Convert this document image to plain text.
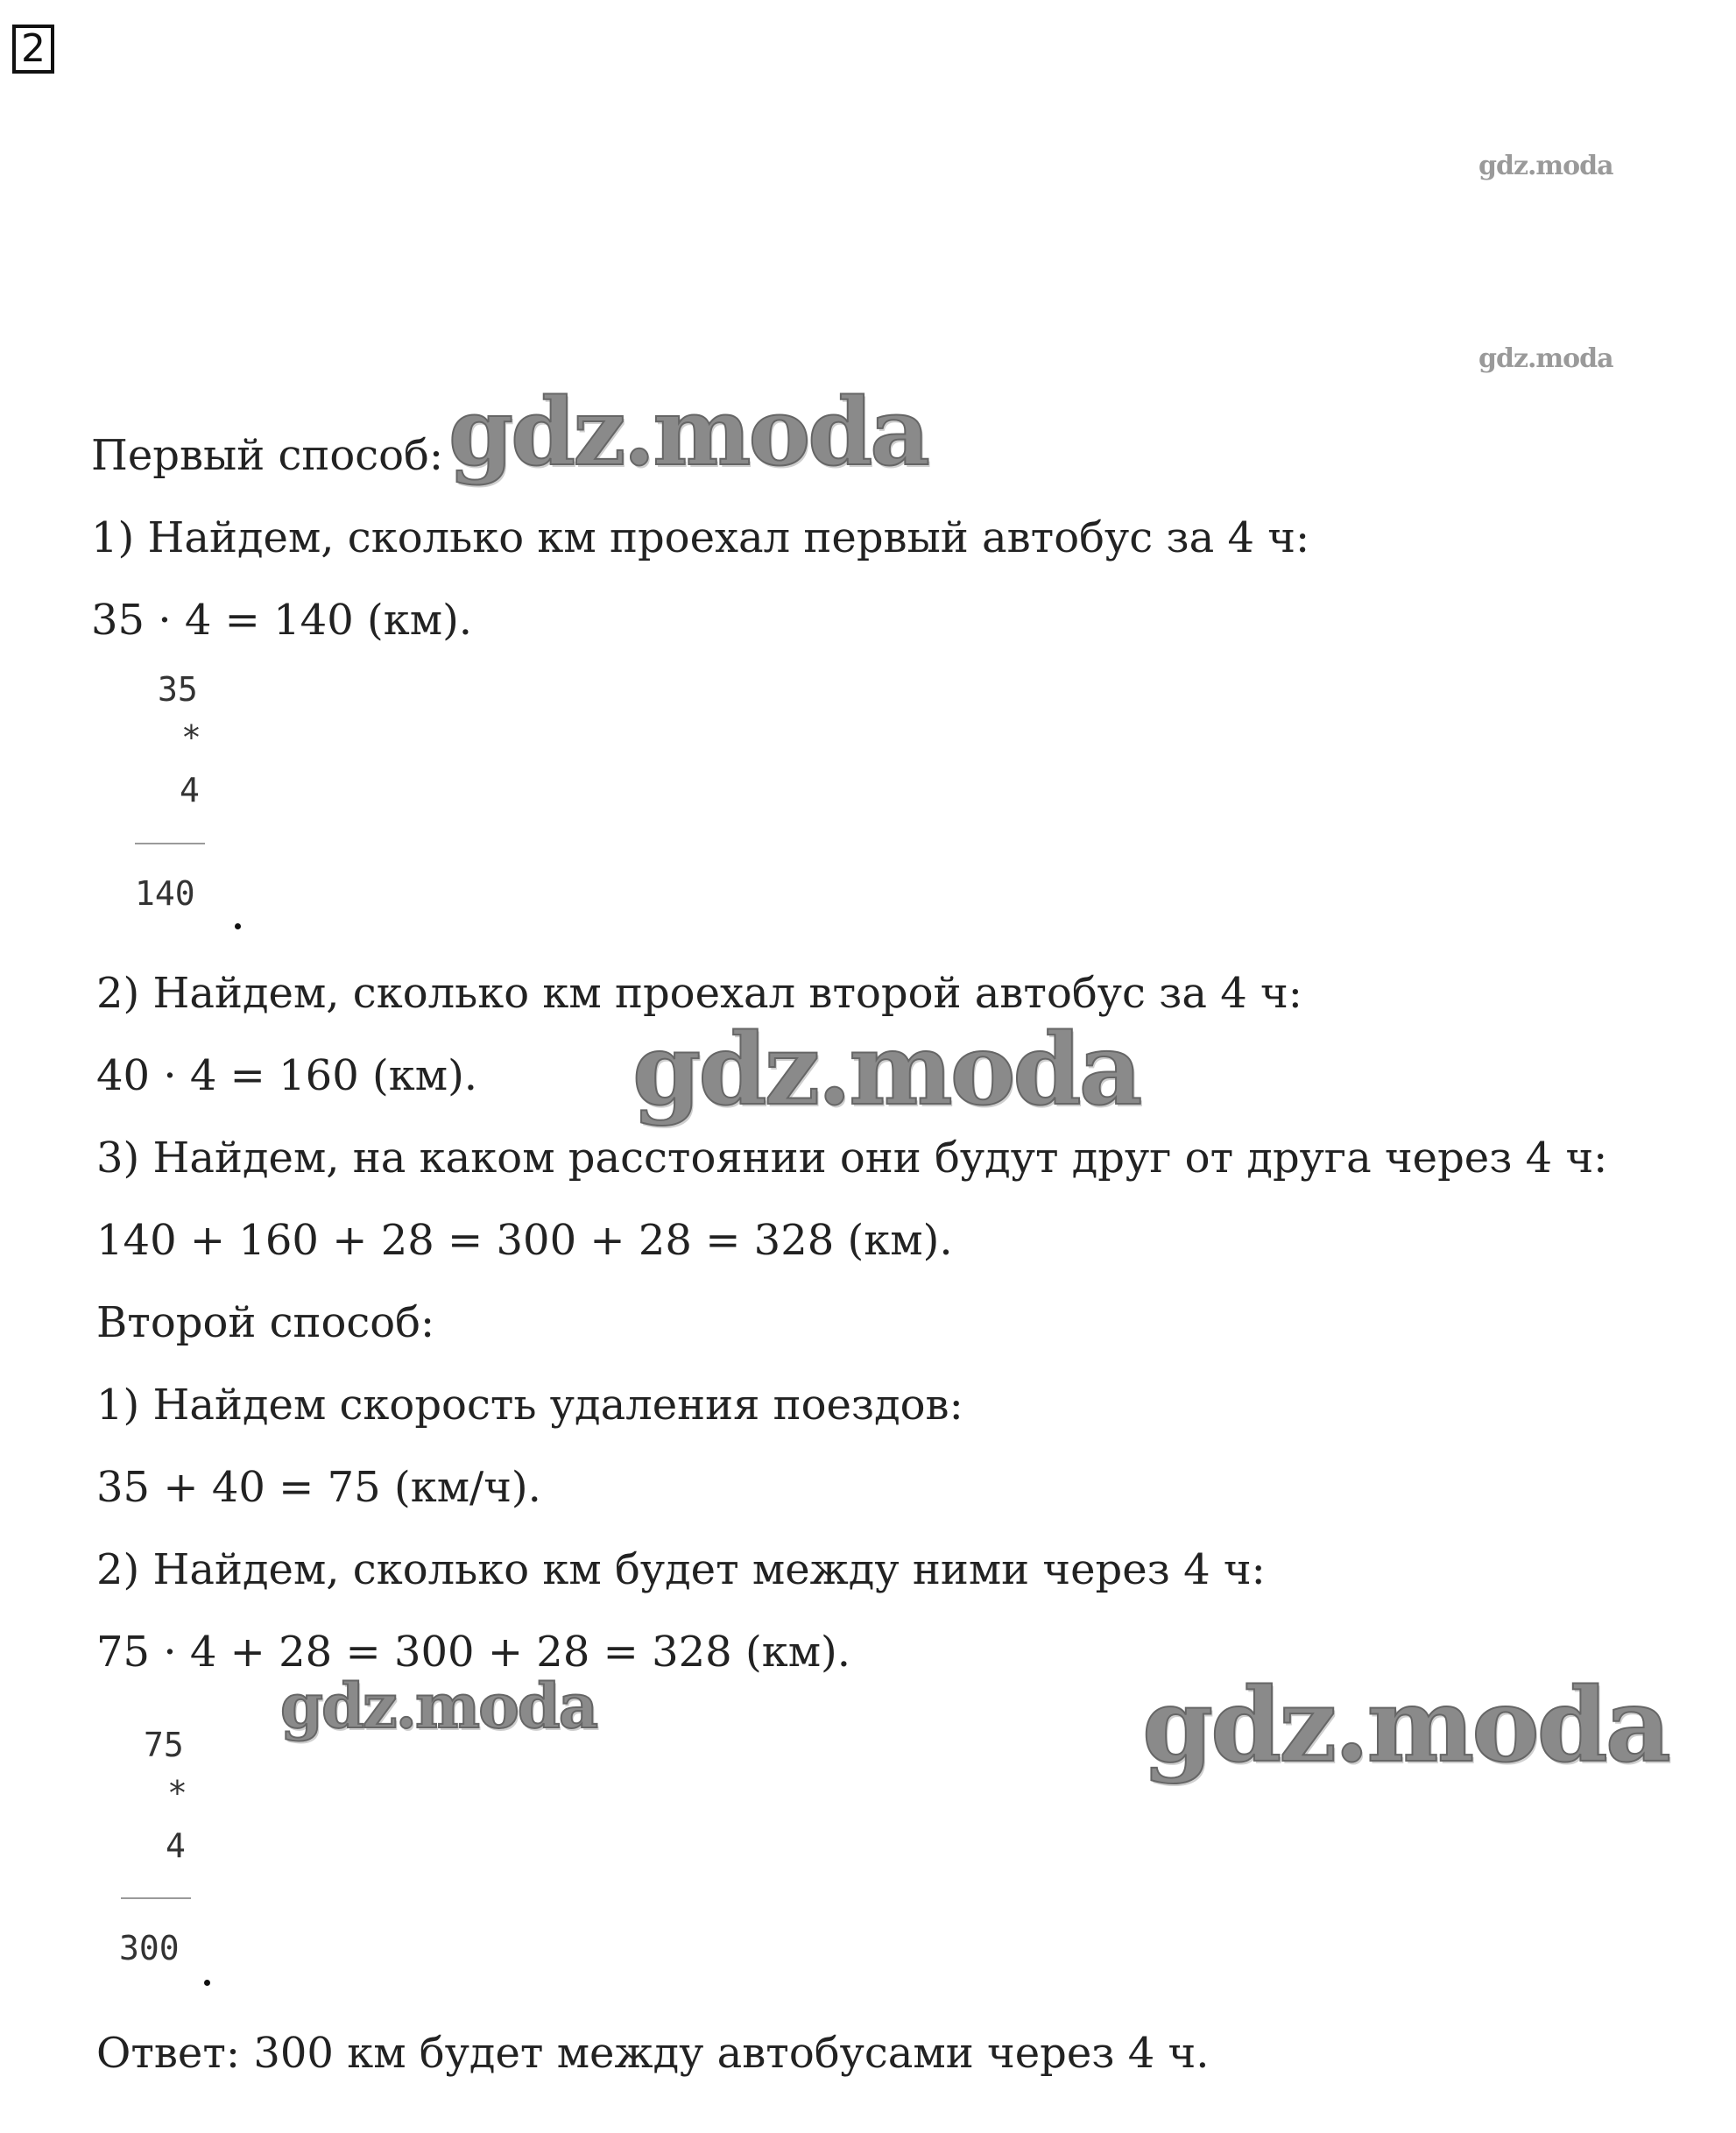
2
gdz.moda
gdz.moda
gdz.moda
gdz.moda
gdz.moda	gdz.moda
Первый способ:
1) Найдем, сколько км проехал первый автобус за 4 ч:
35 · 4 = 140 (км).
35
*
4
140
2) Найдем, сколько км проехал второй автобус за 4 ч:
40 · 4 = 160 (км).
3) Найдем, на каком расстоянии они будут друг от друга через 4 ч:
140 + 160 + 28 = 300 + 28 = 328 (км).
Второй способ:
1) Найдем скорость удаления поездов:
35 + 40 = 75 (км/ч).
2) Найдем, сколько км будет между ними через 4 ч:
75 · 4 + 28 = 300 + 28 = 328 (км).
75
*
4
300
Ответ: 300 км будет между автобусами через 4 ч.
